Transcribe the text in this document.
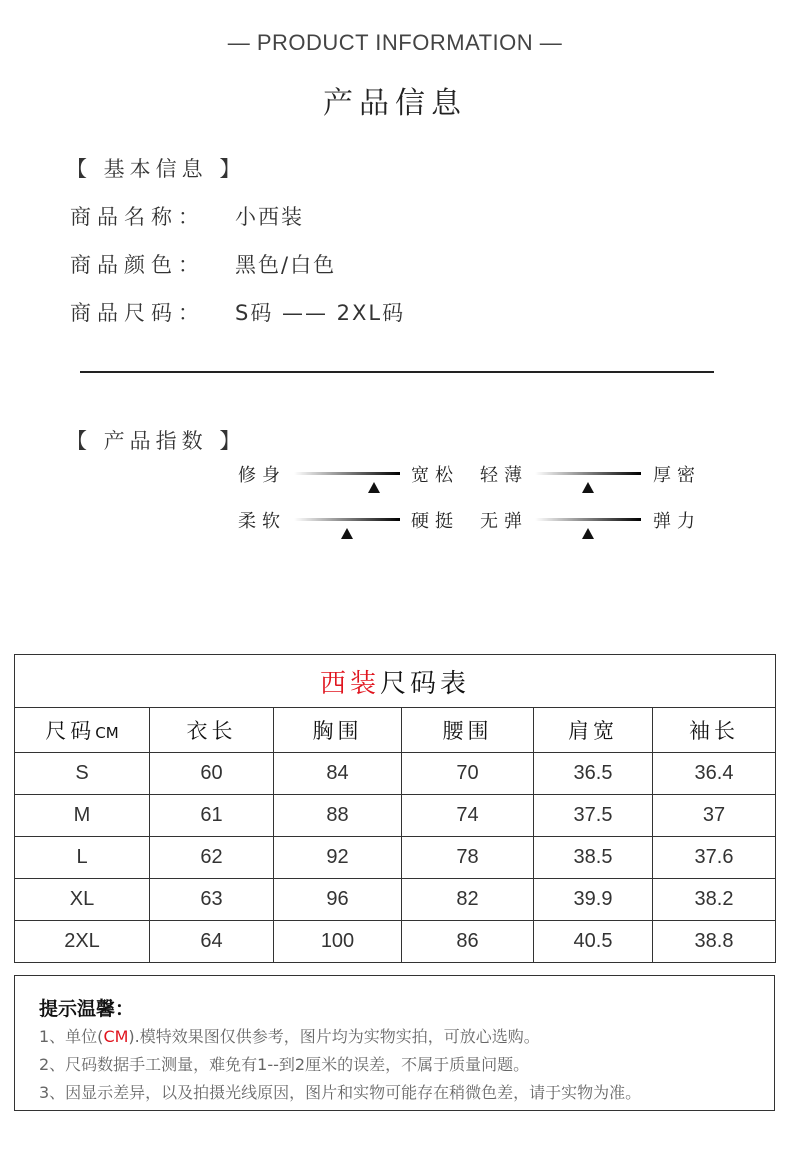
— PRODUCT INFORMATION —
产品信息
【 基本信息 】
商品名称： 小西装
商品颜色： 黑色/白色
商品尺码： S码 —— 2XL码
【 产品指数 】
修身	宽松 轻薄	厚密
柔软	硬挺 无弹	弹力
西装尺码表					
尺码CM	衣长	胸围	腰围	肩宽	袖长
S	60	84	70	36.5	36.4
M	61	88	74	37.5	37
L	62	92	78	38.5	37.6
XL	63	96	82	39.9	38.2
2XL	64	100	86	40.5	38.8
提示温馨：
1、单位(CM).模特效果图仅供参考，图片均为实物实拍，可放心选购。
2、尺码数据手工测量，难免有1--到2厘米的误差，不属于质量问题。
3、因显示差异，以及拍摄光线原因，图片和实物可能存在稍微色差，请于实物为准。
